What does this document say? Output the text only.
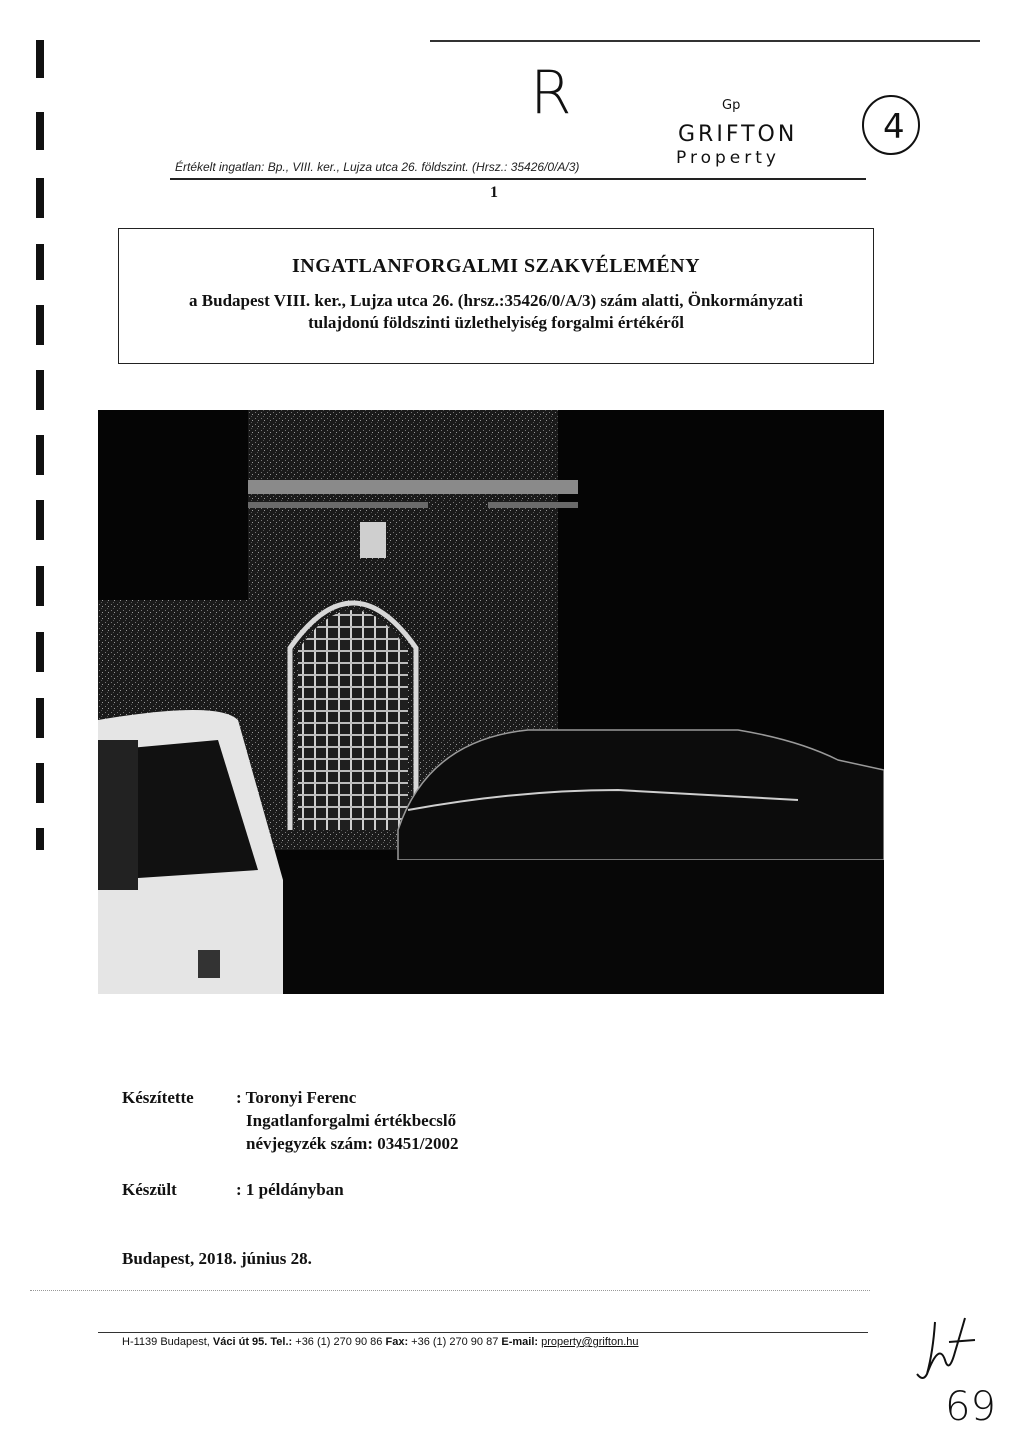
R	Gp
GRIFTON
Property
4
Értékelt ingatlan: Bp., VIII. ker., Lujza utca 26. földszint. (Hrsz.: 35426/0/A/3)
1
INGATLANFORGALMI SZAKVÉLEMÉNY
a Budapest VIII. ker., Lujza utca 26. (hrsz.:35426/0/A/3) szám alatti, Önkormányzati
tulajdonú földszinti üzlethelyiség forgalmi értékéről
Készítette : Toronyi Ferenc
Ingatlanforgalmi értékbecslő
névjegyzék szám: 03451/2002
Készült	: 1 példányban
Budapest, 2018. június 28.
H-1139 Budapest, Váci út 95. Tel.: +36 (1) 270 90 86 Fax: +36 (1) 270 90 87 E-mail: property@grifton.hu
69
